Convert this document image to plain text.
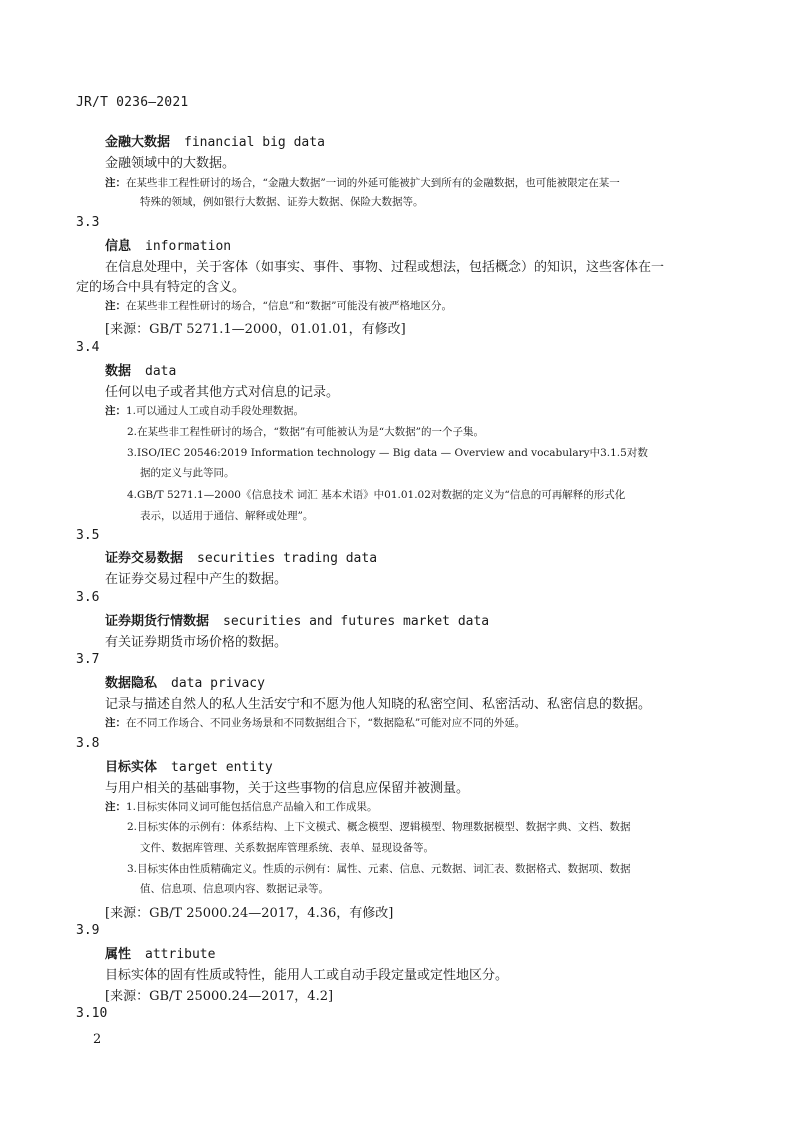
JR/T 0236—2021
金融大数据 financial big data
金融领域中的大数据。
注：在某些非工程性研讨的场合，“金融大数据”一词的外延可能被扩大到所有的金融数据，也可能被限定在某一
特殊的领域，例如银行大数据、证券大数据、保险大数据等。
3.3
信息 information
在信息处理中，关于客体（如事实、事件、事物、过程或想法，包括概念）的知识，这些客体在一
定的场合中具有特定的含义。
注：在某些非工程性研讨的场合，“信息”和“数据”可能没有被严格地区分。
[来源：GB/T 5271.1—2000，01.01.01，有修改]
3.4
数据 data
任何以电子或者其他方式对信息的记录。
注：1.可以通过人工或自动手段处理数据。
2.在某些非工程性研讨的场合，“数据”有可能被认为是“大数据”的一个子集。
3.ISO/IEC 20546:2019 Information technology — Big data — Overview and vocabulary中3.1.5对数
据的定义与此等同。
4.GB/T 5271.1—2000《信息技术 词汇 基本术语》中01.01.02对数据的定义为“信息的可再解释的形式化
表示，以适用于通信、解释或处理”。
3.5
证券交易数据 securities trading data
在证券交易过程中产生的数据。
3.6
证券期货行情数据 securities and futures market data
有关证券期货市场价格的数据。
3.7
数据隐私 data privacy
记录与描述自然人的私人生活安宁和不愿为他人知晓的私密空间、私密活动、私密信息的数据。
注：在不同工作场合、不同业务场景和不同数据组合下，“数据隐私”可能对应不同的外延。
3.8
目标实体 target entity
与用户相关的基础事物，关于这些事物的信息应保留并被测量。
注：1.目标实体同义词可能包括信息产品输入和工作成果。
2.目标实体的示例有：体系结构、上下文模式、概念模型、逻辑模型、物理数据模型、数据字典、文档、数据
文件、数据库管理、关系数据库管理系统、表单、显现设备等。
3.目标实体由性质精确定义。性质的示例有：属性、元素、信息、元数据、词汇表、数据格式、数据项、数据
值、信息项、信息项内容、数据记录等。
[来源：GB/T 25000.24—2017，4.36，有修改]
3.9
属性 attribute
目标实体的固有性质或特性，能用人工或自动手段定量或定性地区分。
[来源：GB/T 25000.24—2017，4.2]
3.10
2
